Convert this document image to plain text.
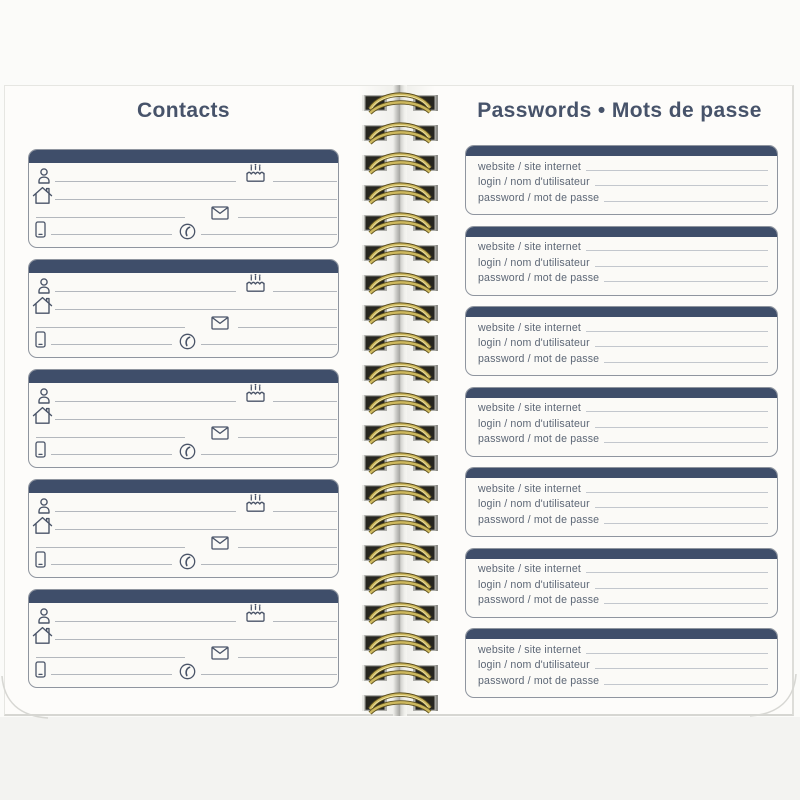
Contacts	Passwords • Mots de passe
website / site internet
login / nom d'utilisateur
password / mot de passe
website / site internet
login / nom d'utilisateur
password / mot de passe
website / site internet
login / nom d'utilisateur
password / mot de passe
website / site internet
login / nom d'utilisateur
password / mot de passe
website / site internet
login / nom d'utilisateur
password / mot de passe
website / site internet
login / nom d'utilisateur
password / mot de passe
website / site internet
login / nom d'utilisateur
password / mot de passe
